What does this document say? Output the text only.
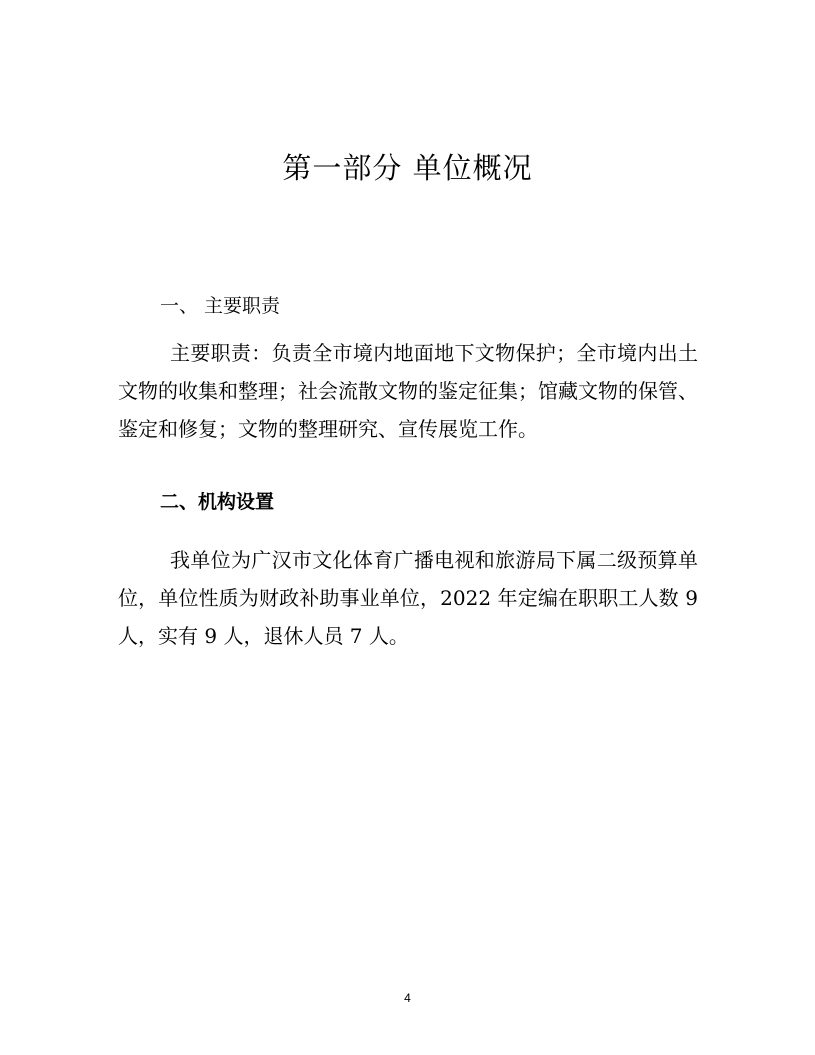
第一部分 单位概况
一、 主要职责
主要职责：负责全市境内地面地下文物保护；全市境内出土文物的收集和整理；社会流散文物的鉴定征集；馆藏文物的保管、鉴定和修复；文物的整理研究、宣传展览工作。
二、机构设置
我单位为广汉市文化体育广播电视和旅游局下属二级预算单位，单位性质为财政补助事业单位，2022 年定编在职职工人数 9 人，实有 9 人，退休人员 7 人。
4
